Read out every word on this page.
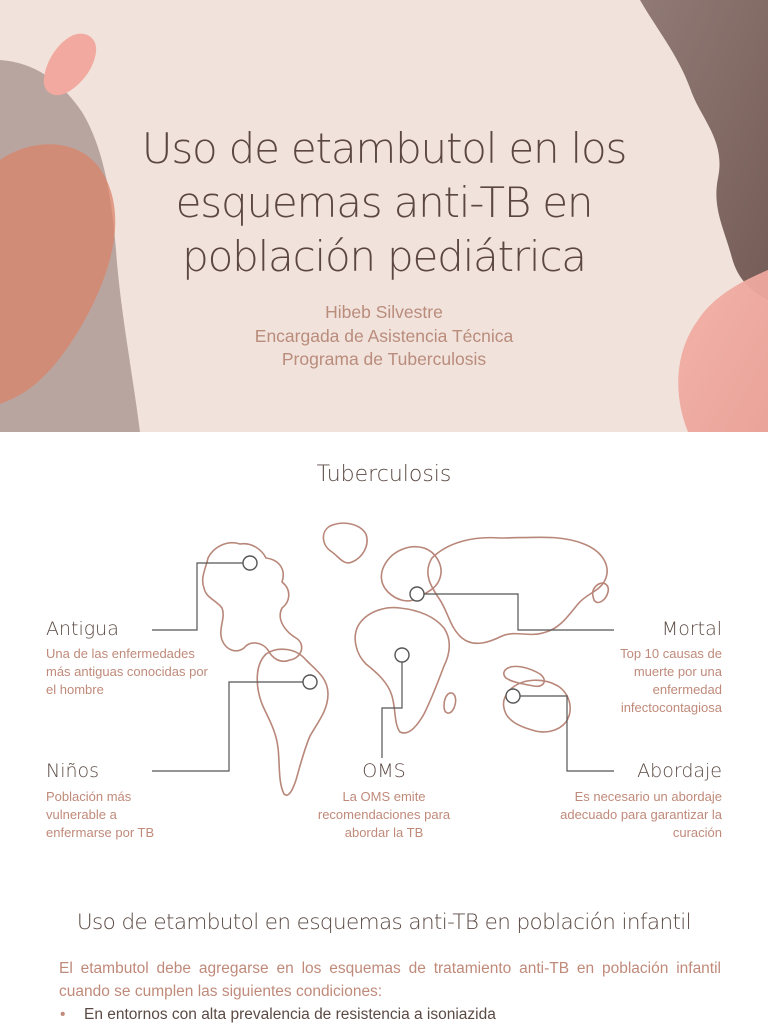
Uso de etambutol en los
esquemas anti-TB en
población pediátrica
Hibeb Silvestre
Encargada de Asistencia Técnica
Programa de Tuberculosis
Tuberculosis
Antigua
Una de las enfermedades más antiguas conocidas por el hombre
Niños
Población más vulnerable a enfermarse por TB
OMS
La OMS emite recomendaciones para abordar la TB
Mortal
Top 10 causas de muerte por una enfermedad infectocontagiosa
Abordaje
Es necesario un abordaje adecuado para garantizar la curación
Uso de etambutol en esquemas anti-TB en población infantil
El etambutol debe agregarse en los esquemas de tratamiento anti-TB en población infantil cuando se cumplen las siguientes condiciones:
• En entornos con alta prevalencia de resistencia a isoniazida
